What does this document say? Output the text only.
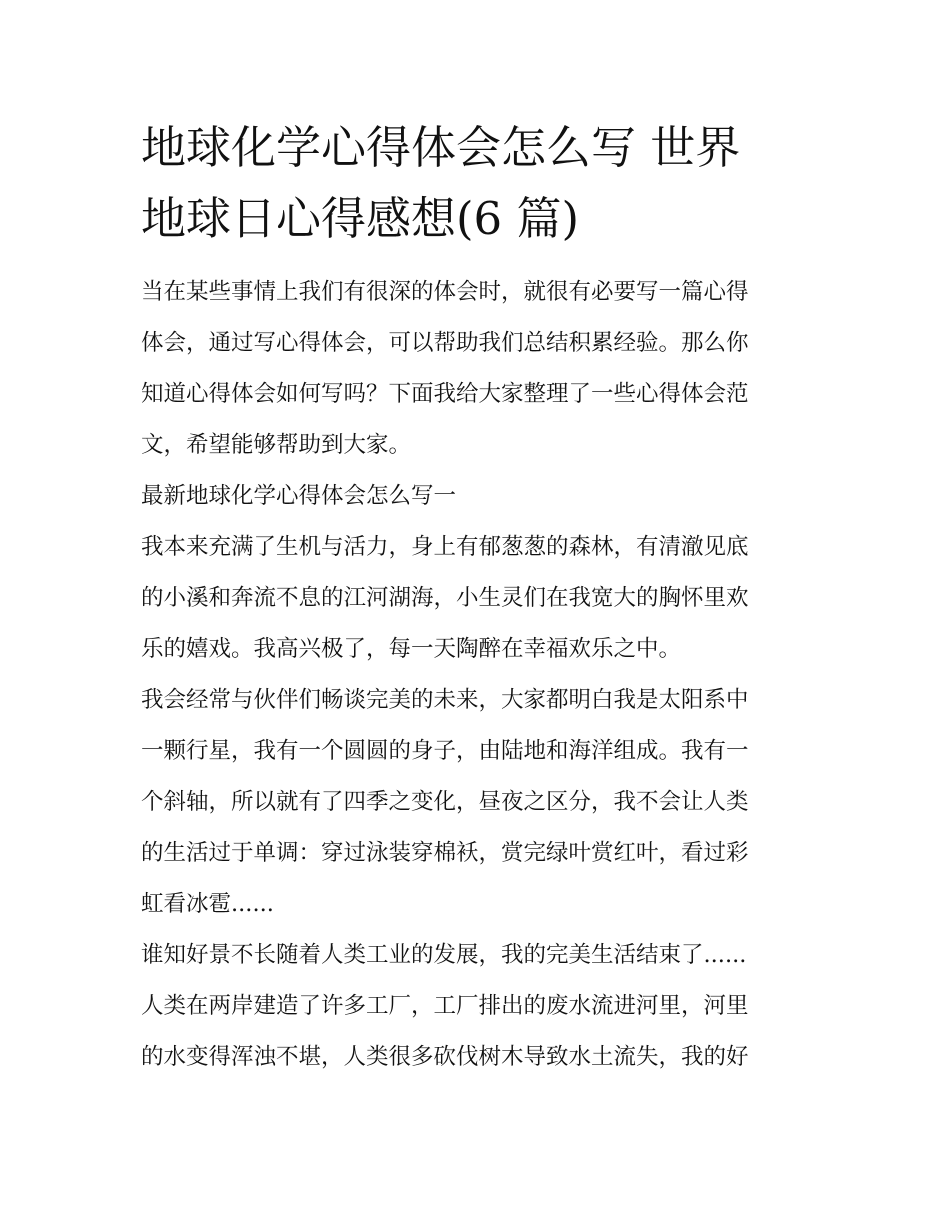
地球化学心得体会怎么写 世界
地球日心得感想(6 篇)

当在某些事情上我们有很深的体会时，就很有必要写一篇心得
体会，通过写心得体会，可以帮助我们总结积累经验。那么你
知道心得体会如何写吗？下面我给大家整理了一些心得体会范
文，希望能够帮助到大家。

最新地球化学心得体会怎么写一

我本来充满了生机与活力，身上有郁葱葱的森林，有清澈见底
的小溪和奔流不息的江河湖海，小生灵们在我宽大的胸怀里欢
乐的嬉戏。我高兴极了，每一天陶醉在幸福欢乐之中。

我会经常与伙伴们畅谈完美的未来，大家都明白我是太阳系中
一颗行星，我有一个圆圆的身子，由陆地和海洋组成。我有一
个斜轴，所以就有了四季之变化，昼夜之区分，我不会让人类
的生活过于单调：穿过泳装穿棉袄，赏完绿叶赏红叶，看过彩
虹看冰雹......

谁知好景不长随着人类工业的发展，我的完美生活结束了......

人类在两岸建造了许多工厂，工厂排出的废水流进河里，河里
的水变得浑浊不堪，人类很多砍伐树木导致水土流失，我的好
